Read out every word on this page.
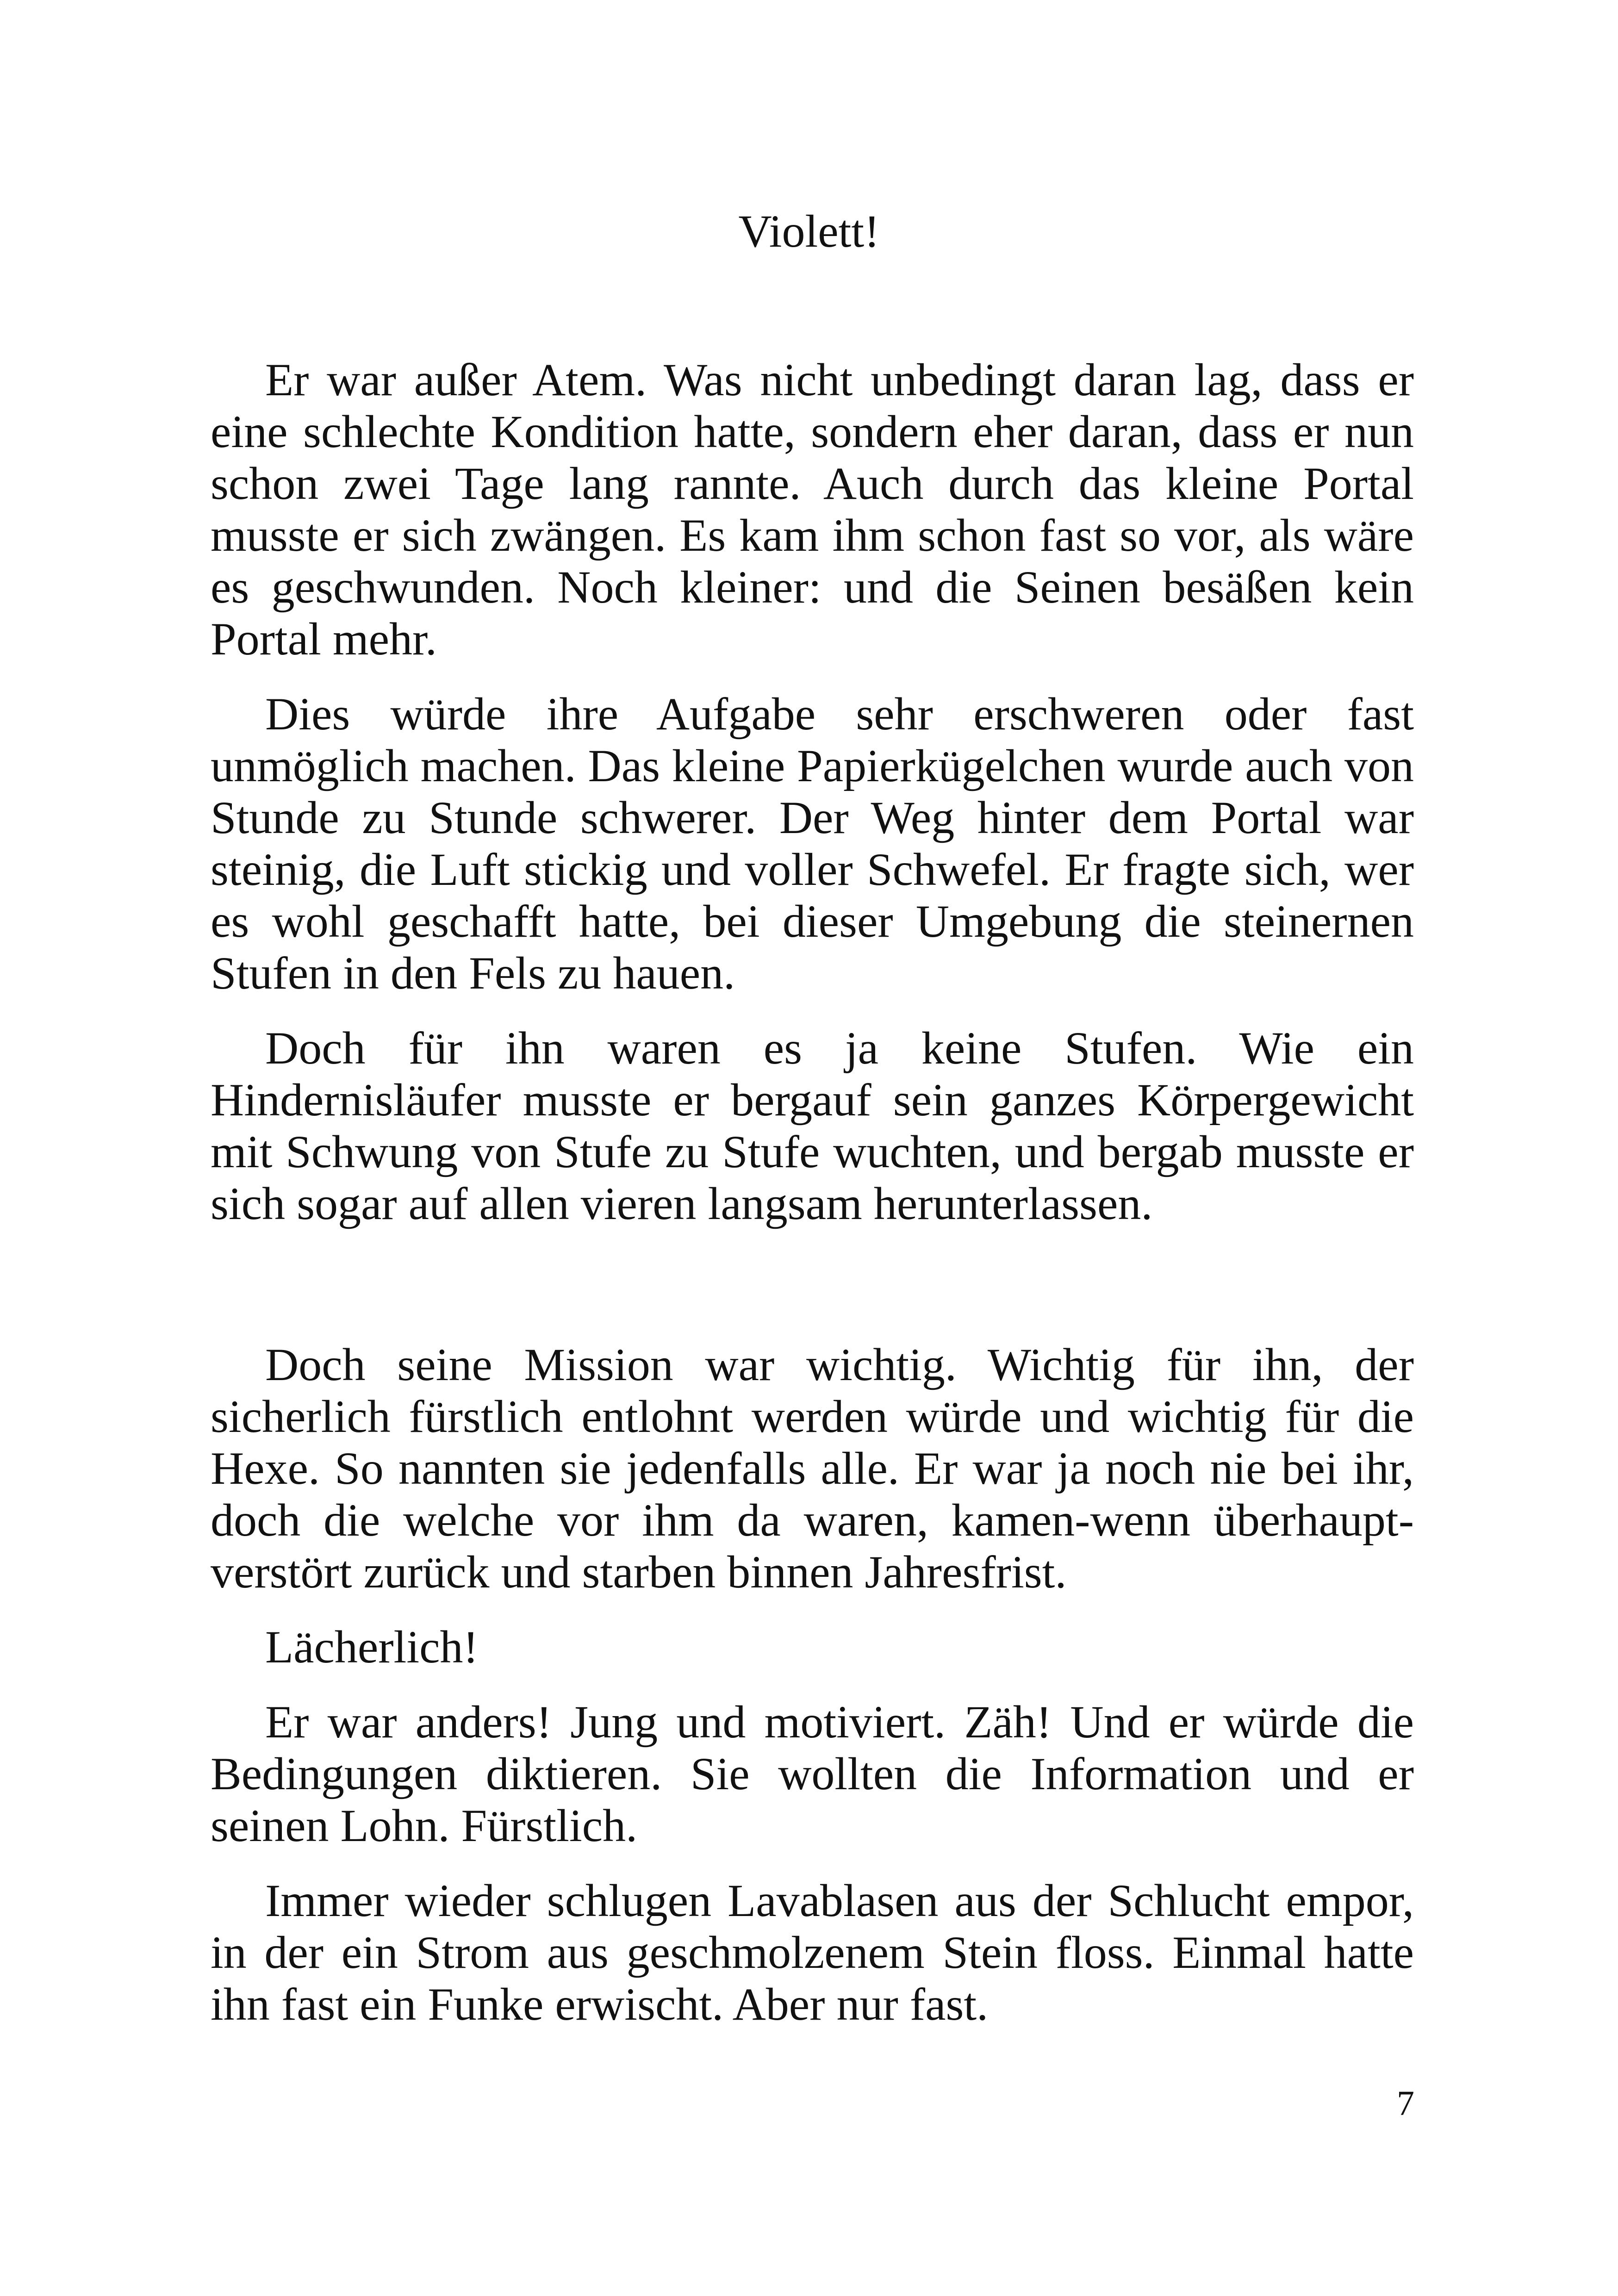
Violett!

Er war außer Atem. Was nicht unbedingt daran lag, dass er eine schlechte Kondition hatte, sondern eher daran, dass er nun schon zwei Tage lang rannte. Auch durch das kleine Portal musste er sich zwängen. Es kam ihm schon fast so vor, als wäre es geschwunden. Noch kleiner: und die Seinen besäßen kein Portal mehr.

Dies würde ihre Aufgabe sehr erschweren oder fast unmöglich machen. Das kleine Papierkügelchen wurde auch von Stunde zu Stunde schwerer. Der Weg hinter dem Portal war steinig, die Luft stickig und voller Schwefel. Er fragte sich, wer es wohl geschafft hatte, bei dieser Umgebung die steinernen Stufen in den Fels zu hauen.

Doch für ihn waren es ja keine Stufen. Wie ein Hindernisläufer musste er bergauf sein ganzes Körpergewicht mit Schwung von Stufe zu Stufe wuchten, und bergab musste er sich sogar auf allen vieren langsam herunterlassen.

Doch seine Mission war wichtig. Wichtig für ihn, der sicherlich fürstlich entlohnt werden würde und wichtig für die Hexe. So nannten sie jedenfalls alle. Er war ja noch nie bei ihr, doch die welche vor ihm da waren, kamen-wenn überhaupt- verstört zurück und starben binnen Jahresfrist.

Lächerlich!

Er war anders! Jung und motiviert. Zäh! Und er würde die Bedingungen diktieren. Sie wollten die Information und er seinen Lohn. Fürstlich.

Immer wieder schlugen Lavablasen aus der Schlucht empor, in der ein Strom aus geschmolzenem Stein floss. Einmal hatte ihn fast ein Funke erwischt. Aber nur fast.

7
